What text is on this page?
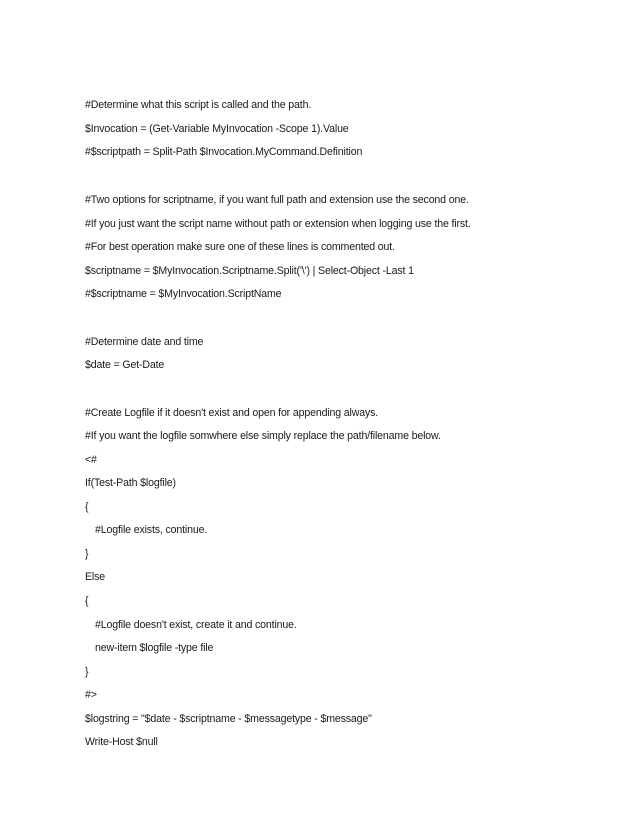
#Determine what this script is called and the path.
$Invocation = (Get-Variable MyInvocation -Scope 1).Value
#$scriptpath = Split-Path $Invocation.MyCommand.Definition
#Two options for scriptname, if you want full path and extension use the second one.
#If you just want the script name without path or extension when logging use the first.
#For best operation make sure one of these lines is commented out.
$scriptname = $MyInvocation.Scriptname.Split('\') | Select-Object -Last 1
#$scriptname = $MyInvocation.ScriptName
#Determine date and time
$date = Get-Date
#Create Logfile if it doesn't exist and open for appending always.
#If you want the logfile somwhere else simply replace the path/filename below.
<#
If(Test-Path $logfile)
{
#Logfile exists, continue.
}
Else
{
#Logfile doesn't exist, create it and continue.
new-item $logfile -type file
}
#>
$logstring = "$date - $scriptname - $messagetype - $message"
Write-Host $null
